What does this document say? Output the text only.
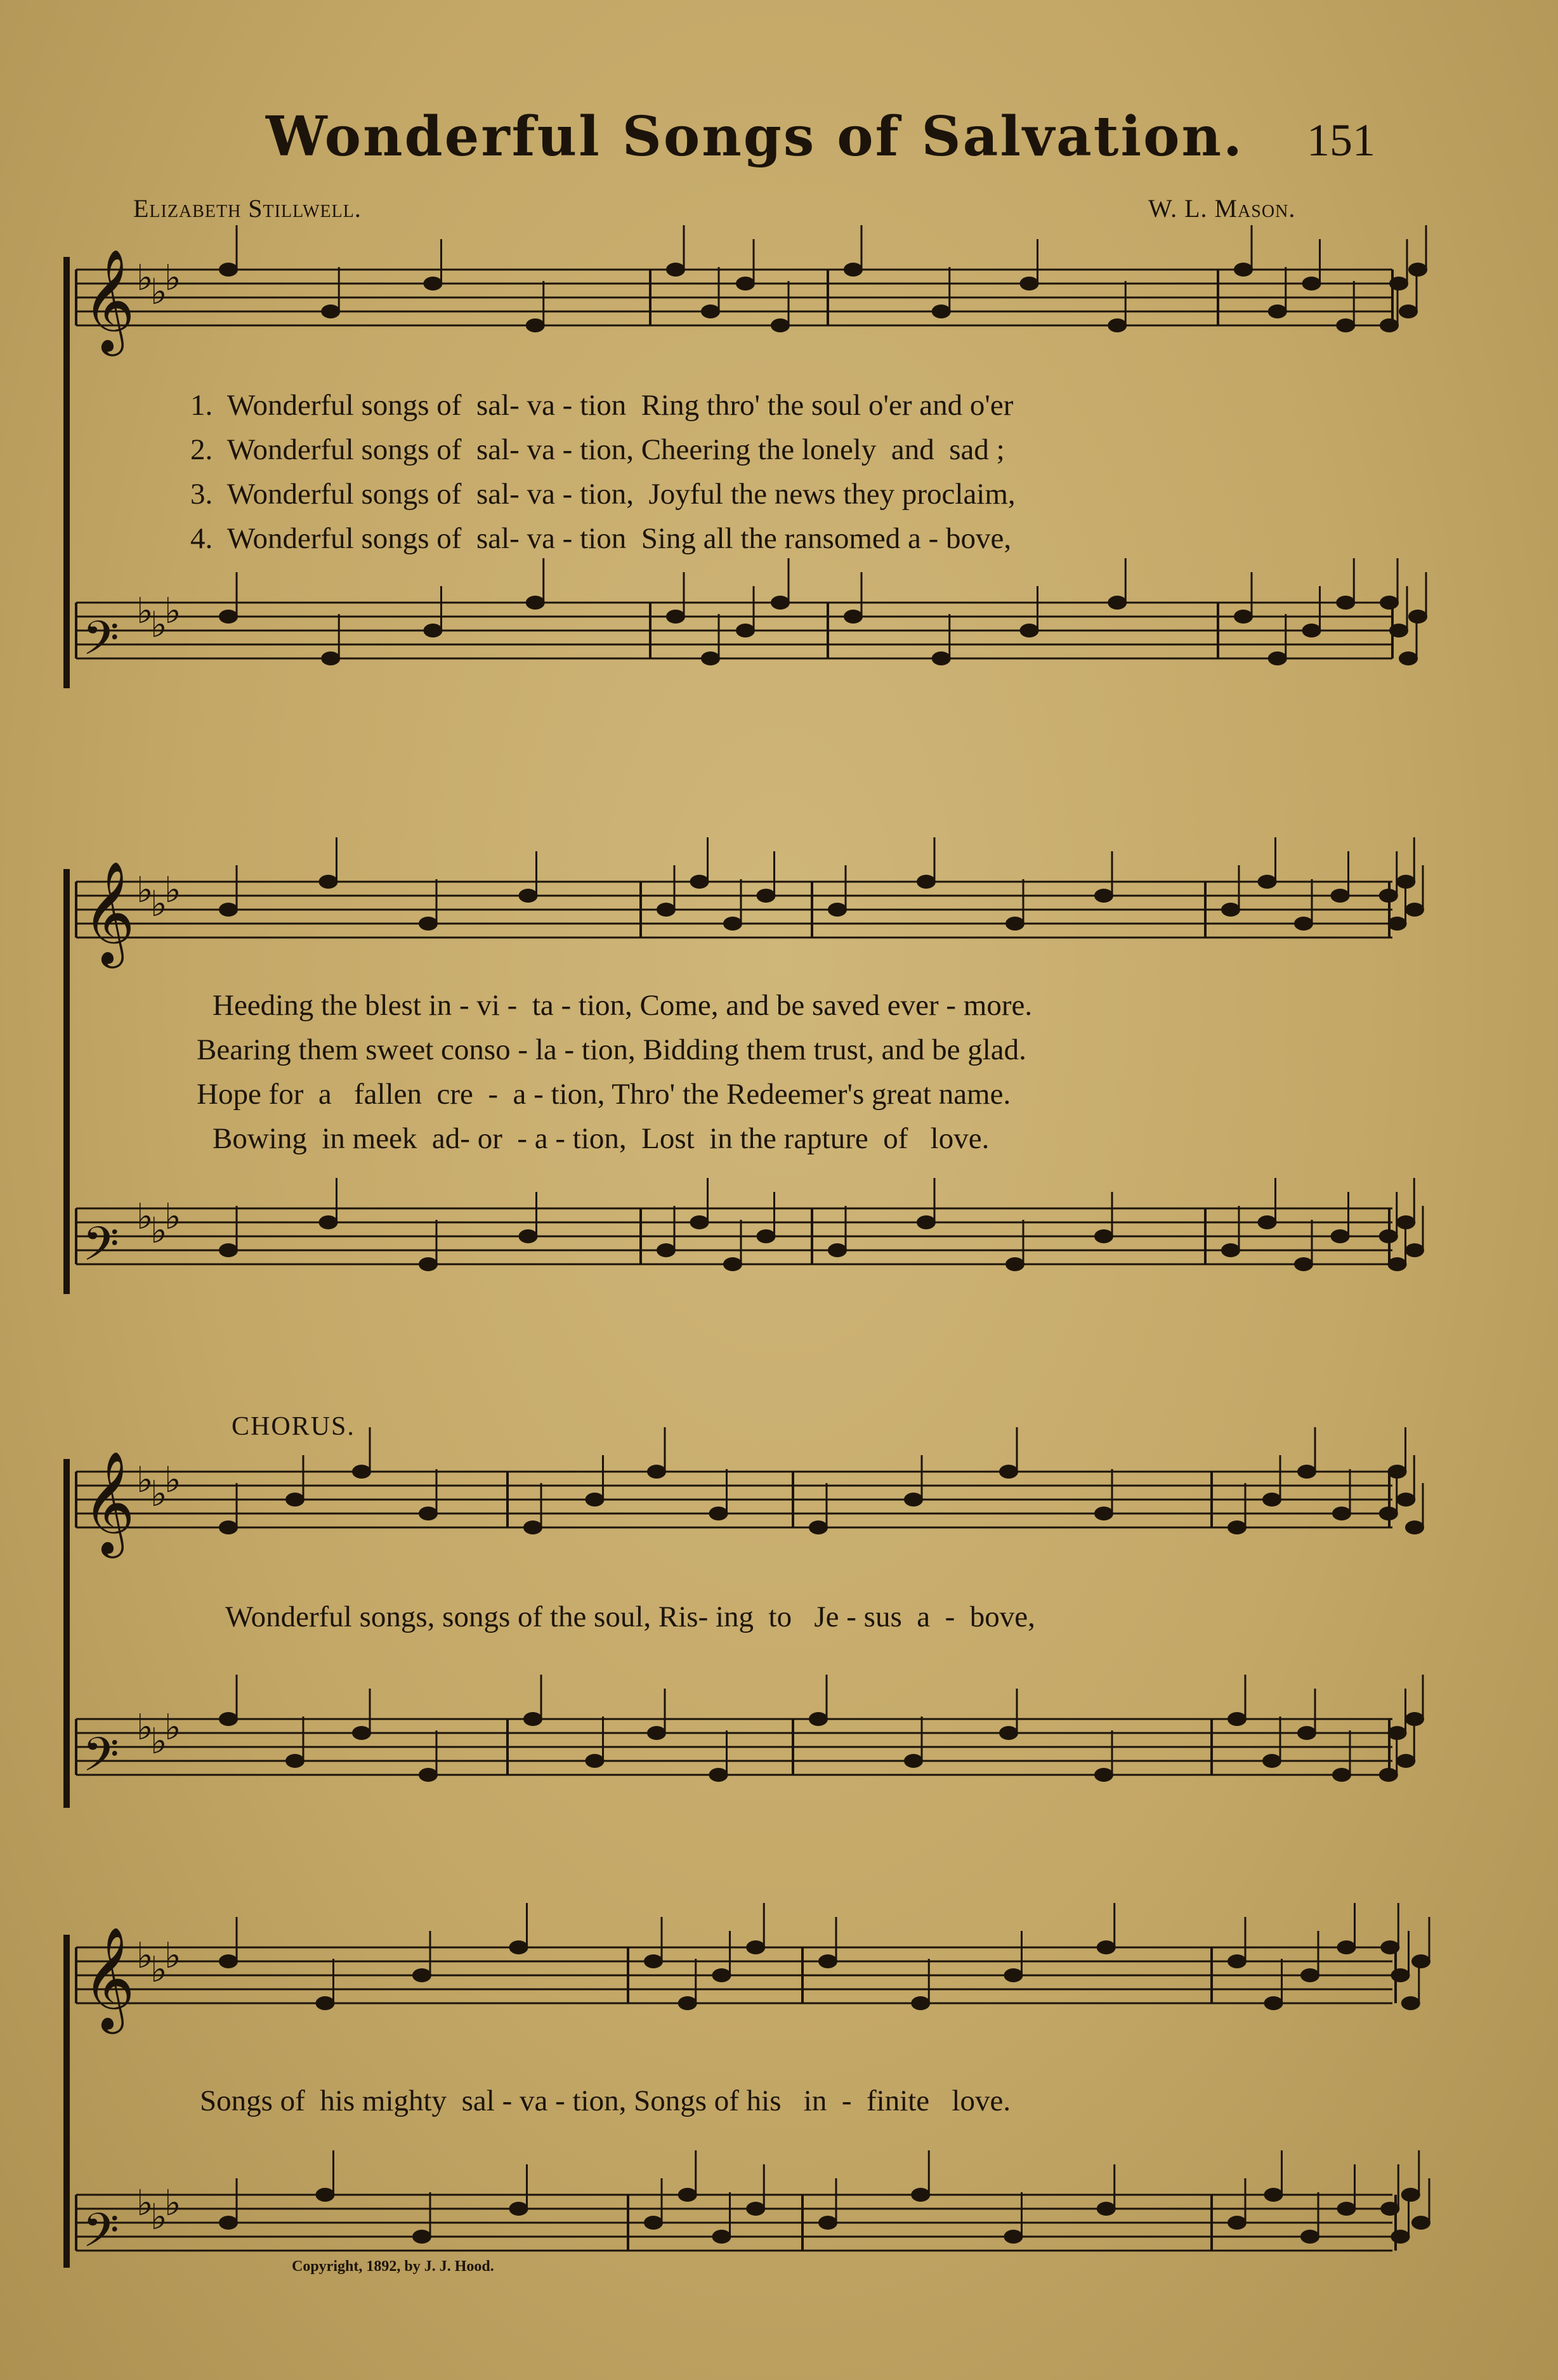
Wonderful Songs of Salvation.	151
Elizabeth Stillwell.	W. L. Mason.
𝄞 ♭
♭
♭
𝄢 ♭
♭
♭
𝄞 ♭
♭
♭
𝄢 ♭
♭
♭
𝄞 ♭
♭
♭
𝄢 ♭
♭
♭
𝄞 ♭
♭
♭
𝄢 ♭
♭
♭
1.  Wonderful songs of  sal- va - tion  Ring thro' the soul o'er and o'er
2.  Wonderful songs of  sal- va - tion, Cheering the lonely  and  sad ;
3.  Wonderful songs of  sal- va - tion,  Joyful the news they proclaim,
4.  Wonderful songs of  sal- va - tion  Sing all the ransomed a - bove,
Heeding the blest in - vi -  ta - tion, Come, and be saved ever - more.
Bearing them sweet conso - la - tion, Bidding them trust, and be glad.
Hope for  a   fallen  cre  -  a - tion, Thro' the Redeemer's great name.
Bowing  in meek  ad- or  - a - tion,  Lost  in the rapture  of   love.
CHORUS.
Wonderful songs, songs of the soul, Ris- ing  to   Je - sus  a  -  bove,
Songs of  his mighty  sal - va - tion, Songs of his   in  -  finite   love.
Copyright, 1892, by J. J. Hood.
